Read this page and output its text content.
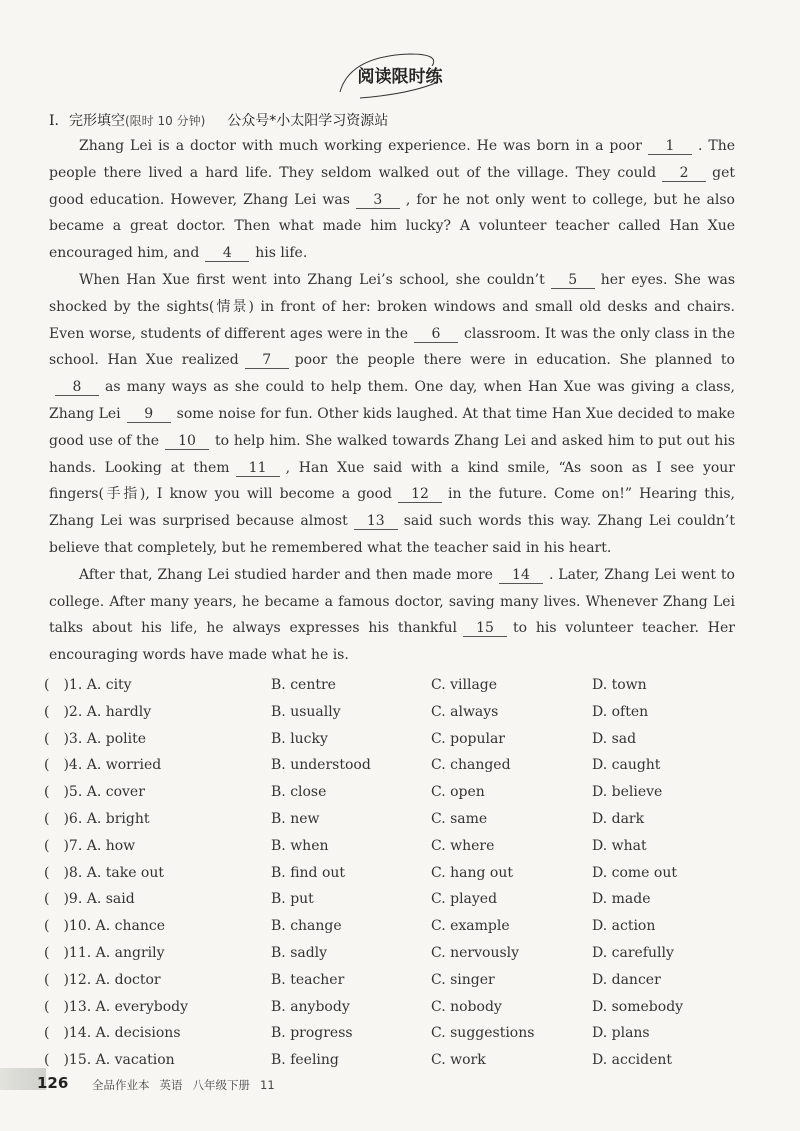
阅读限时练
I. 完形填空(限时 10 分钟) 公众号*小太阳学习资源站

Zhang Lei is a doctor with much working experience. He was born in a poor 1 . The people there lived a hard life. They seldom walked out of the village. They could 2 get good education. However, Zhang Lei was 3 , for he not only went to college, but he also became a great doctor. Then what made him lucky? A volunteer teacher called Han Xue encouraged him, and 4 his life.

When Han Xue first went into Zhang Lei’s school, she couldn’t 5 her eyes. She was shocked by the sights(情景) in front of her: broken windows and small old desks and chairs. Even worse, students of different ages were in the 6 classroom. It was the only class in the school. Han Xue realized 7 poor the people there were in education. She planned to8 as many ways as she could to help them. One day, when Han Xue was giving a class, Zhang Lei 9 some noise for fun. Other kids laughed. At that time Han Xue decided to make good use of the 10 to help him. She walked towards Zhang Lei and asked him to put out his hands. Looking at them 11 , Han Xue said with a kind smile, “As soon as I see your fingers(手指), I know you will become a good 12 in the future. Come on!” Hearing this, Zhang Lei was surprised because almost 13 said such words this way. Zhang Lei couldn’t believe that completely, but he remembered what the teacher said in his heart.

After that, Zhang Lei studied harder and then made more 14 . Later, Zhang Lei went to college. After many years, he became a famous doctor, saving many lives. Whenever Zhang Lei talks about his life, he always expresses his thankful 15 to his volunteer teacher. Her encouraging words have made what he is.

(　)1. A. city	B. centre	C. village	D. town
(　)2. A. hardly	B. usually	C. always	D. often
(　)3. A. polite	B. lucky	C. popular	D. sad
(　)4. A. worried	B. understood	C. changed	D. caught
(　)5. A. cover	B. close	C. open	D. believe
(　)6. A. bright	B. new	C. same	D. dark
(　)7. A. how	B. when	C. where	D. what
(　)8. A. take out	B. find out	C. hang out	D. come out
(　)9. A. said	B. put	C. played	D. made
(　)10. A. chance	B. change	C. example	D. action
(　)11. A. angrily	B. sadly	C. nervously	D. carefully
(　)12. A. doctor	B. teacher	C. singer	D. dancer
(　)13. A. everybody	B. anybody	C. nobody	D. somebody
(　)14. A. decisions	B. progress	C. suggestions	D. plans
(　)15. A. vacation	B. feeling	C. work	D. accident
126 全品作业本 英语 八年级下册 11
